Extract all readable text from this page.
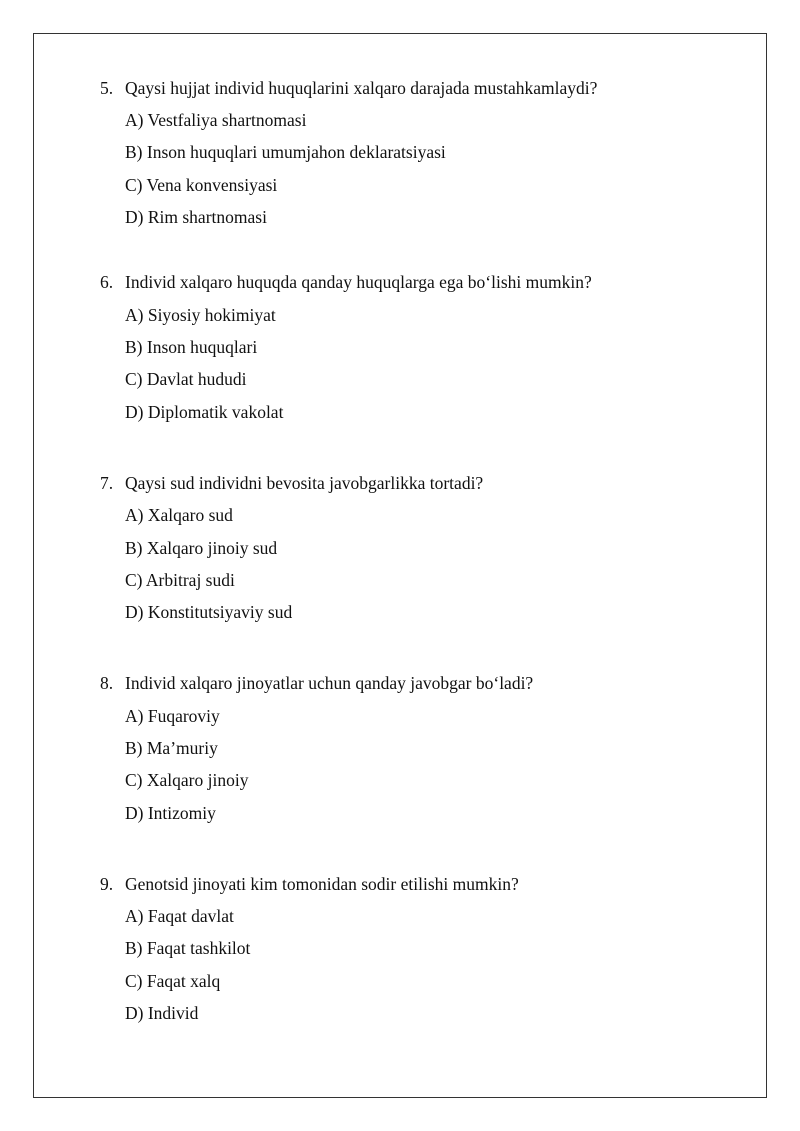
5. Qaysi hujjat individ huquqlarini xalqaro darajada mustahkamlaydi?
A) Vestfaliya shartnomasi
B) Inson huquqlari umumjahon deklaratsiyasi
C) Vena konvensiyasi
D) Rim shartnomasi
6. Individ xalqaro huquqda qanday huquqlarga ega bo‘lishi mumkin?
A) Siyosiy hokimiyat
B) Inson huquqlari
C) Davlat hududi
D) Diplomatik vakolat
7. Qaysi sud individni bevosita javobgarlikka tortadi?
A) Xalqaro sud
B) Xalqaro jinoiy sud
C) Arbitraj sudi
D) Konstitutsiyaviy sud
8. Individ xalqaro jinoyatlar uchun qanday javobgar bo‘ladi?
A) Fuqaroviy
B) Ma’muriy
C) Xalqaro jinoiy
D) Intizomiy
9. Genotsid jinoyati kim tomonidan sodir etilishi mumkin?
A) Faqat davlat
B) Faqat tashkilot
C) Faqat xalq
D) Individ
